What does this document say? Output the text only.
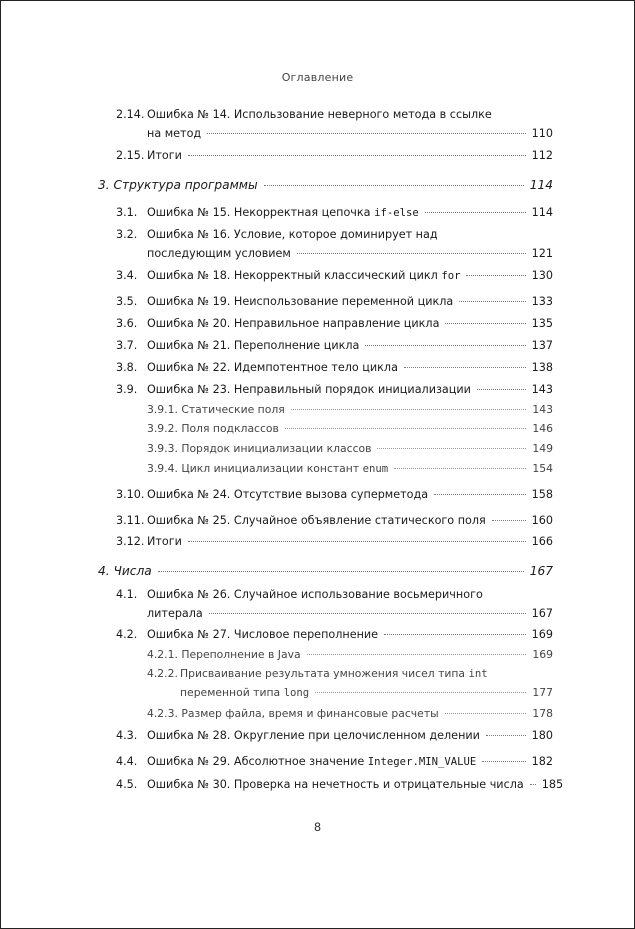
Оглавление
2.14. Ошибка № 14. Использование неверного метода в ссылке
на метод	110
2.15. Итоги	112
3. Структура программы	114
3.1. Ошибка № 15. Некорректная цепочка if-else	114
3.2. Ошибка № 16. Условие, которое доминирует над
последующим условием	121
3.4. Ошибка № 18. Некорректный классический цикл for	130
3.5. Ошибка № 19. Неиспользование переменной цикла	133
3.6. Ошибка № 20. Неправильное направление цикла	135
3.7. Ошибка № 21. Переполнение цикла	137
3.8. Ошибка № 22. Идемпотентное тело цикла	138
3.9. Ошибка № 23. Неправильный порядок инициализации	143
3.9.1. Статические поля	143
3.9.2. Поля подклассов	146
3.9.3. Порядок инициализации классов	149
3.9.4. Цикл инициализации констант enum	154
3.10. Ошибка № 24. Отсутствие вызова суперметода	158
3.11. Ошибка № 25. Случайное объявление статического поля	160
3.12. Итоги	166
4. Числа	167
4.1. Ошибка № 26. Случайное использование восьмеричного
литерала	167
4.2. Ошибка № 27. Числовое переполнение	169
4.2.1. Переполнение в Java	169
4.2.2. Присваивание результата умножения чисел типа int
переменной типа long	177
4.2.3. Размер файла, время и финансовые расчеты	178
4.3. Ошибка № 28. Округление при целочисленном делении	180
4.4. Ошибка № 29. Абсолютное значение Integer.MIN_VALUE	182
4.5. Ошибка № 30. Проверка на нечетность и отрицательные числа 185
8
